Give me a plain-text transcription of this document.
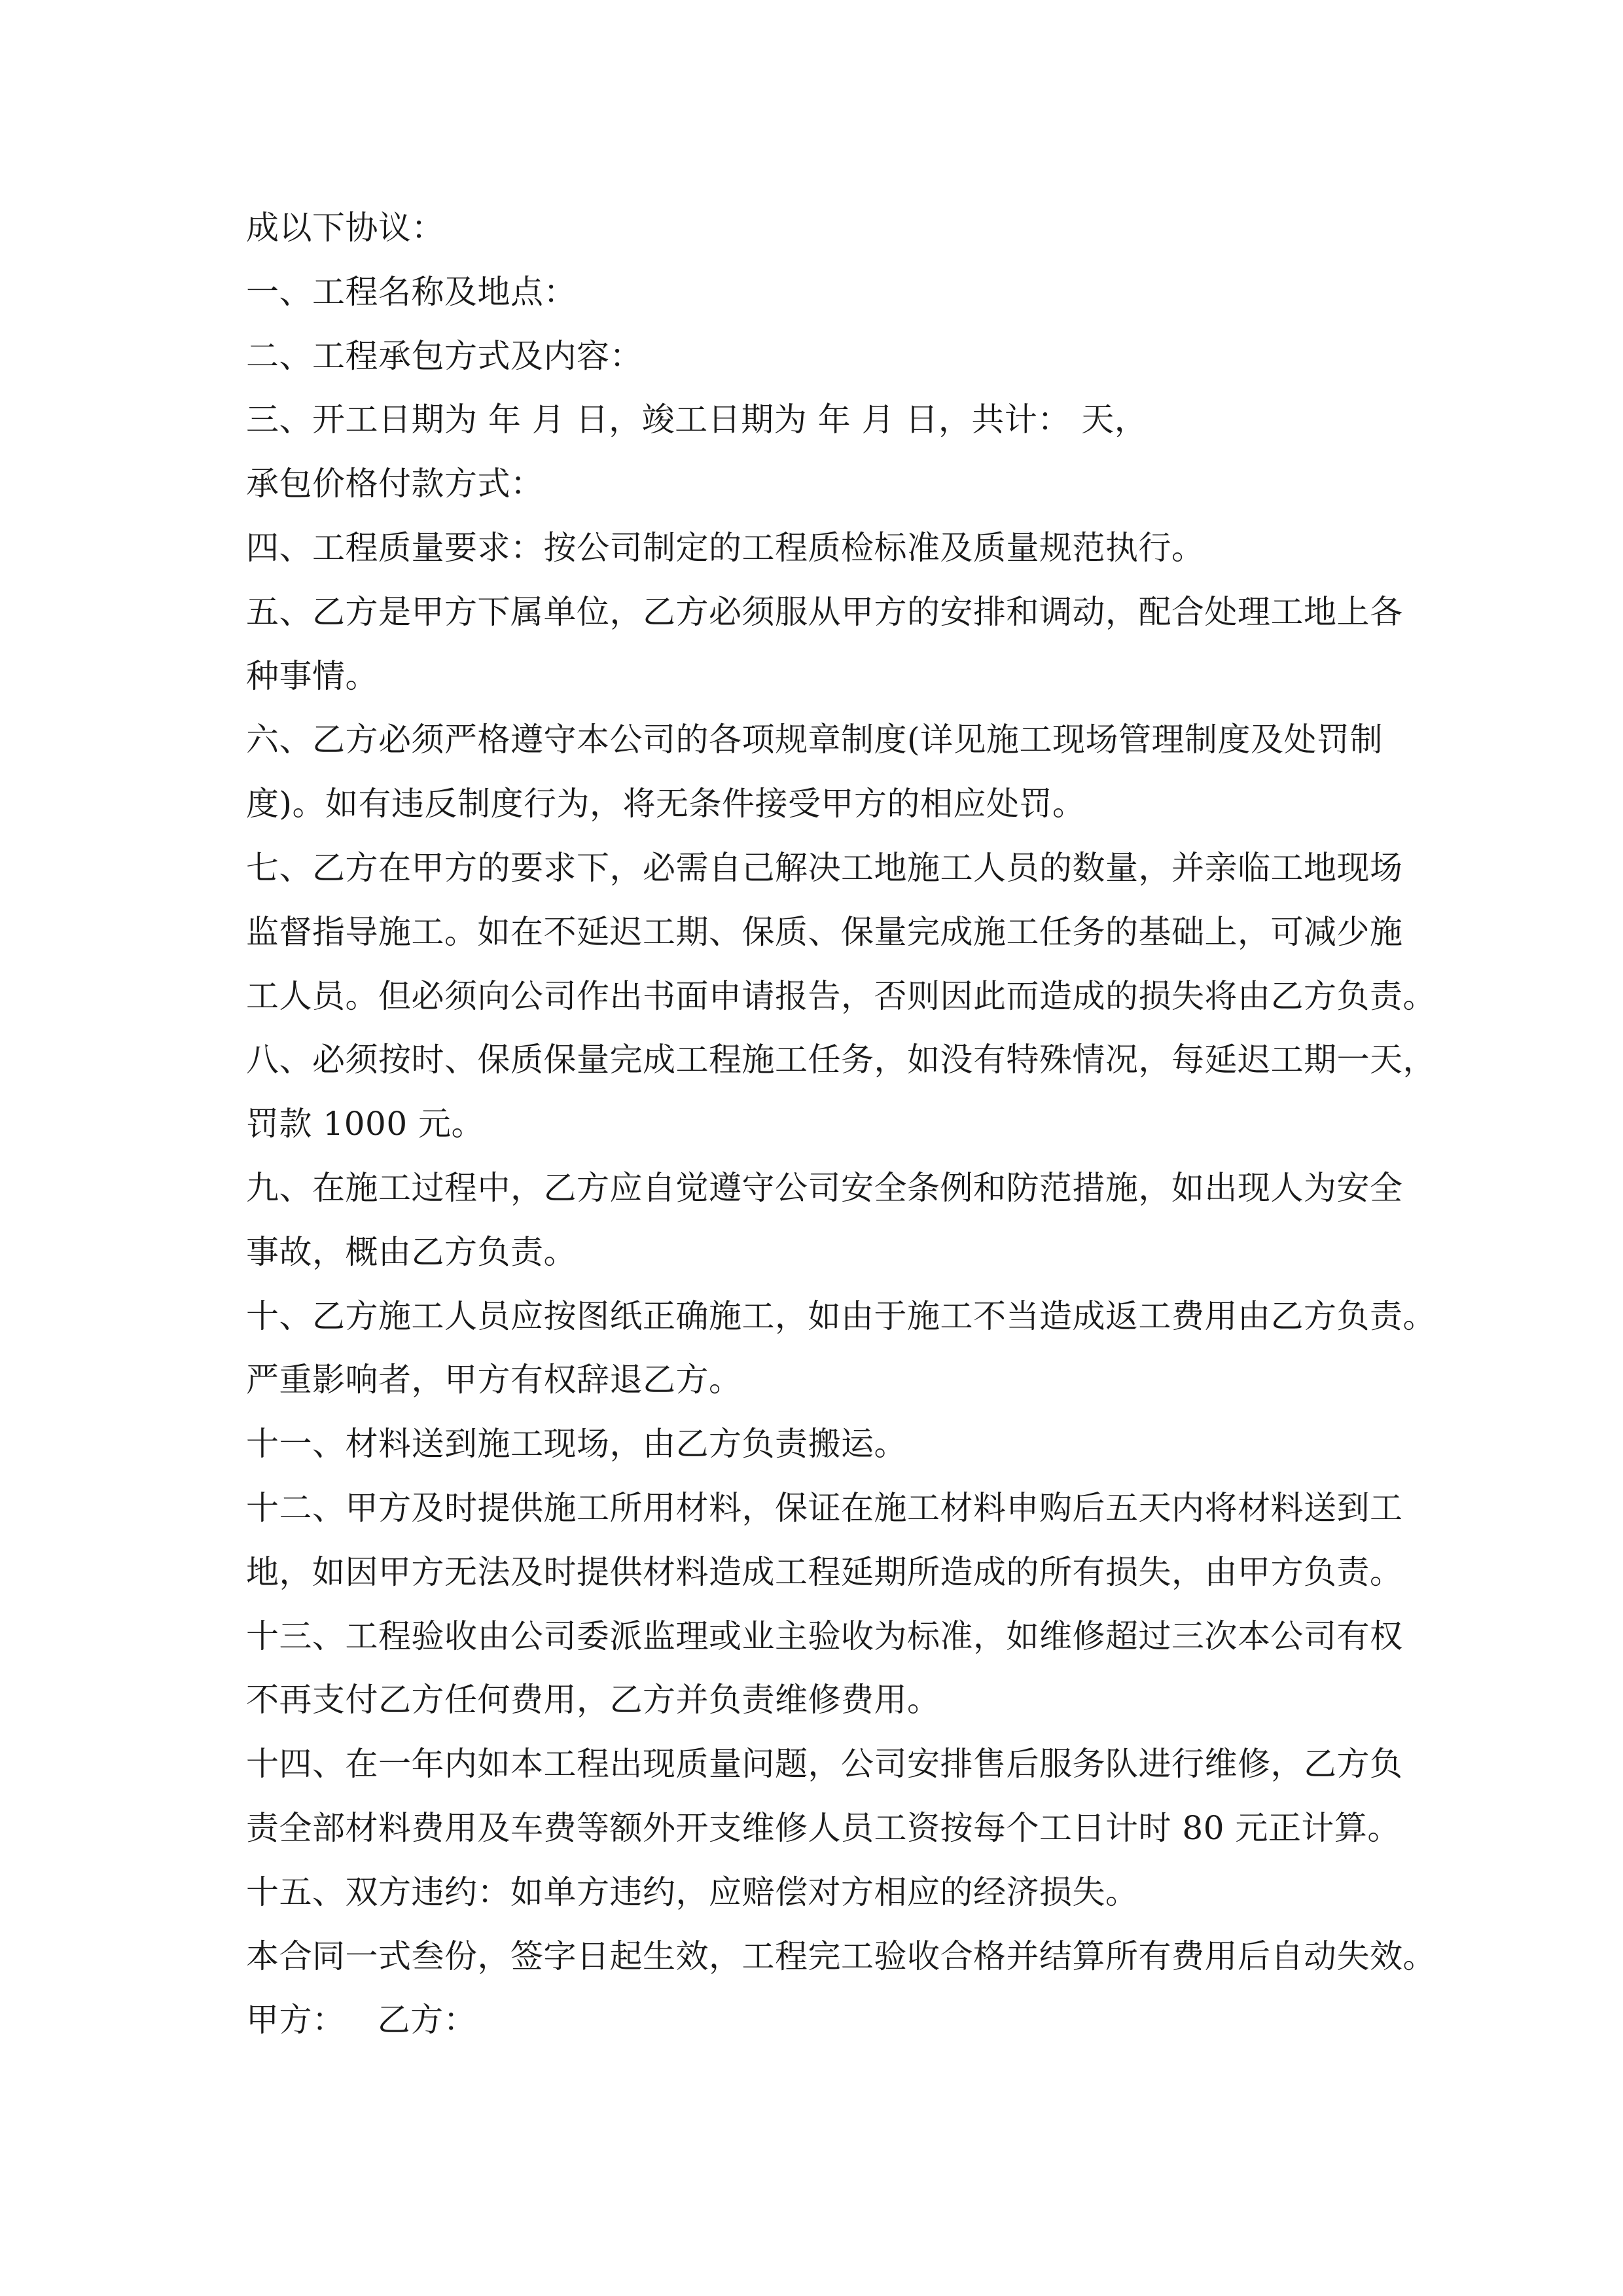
成以下协议：

一、工程名称及地点：

二、工程承包方式及内容：

三、开工日期为 年 月 日，竣工日期为 年 月 日，共计： 天，

承包价格付款方式：

四、工程质量要求：按公司制定的工程质检标准及质量规范执行。

五、乙方是甲方下属单位，乙方必须服从甲方的安排和调动，配合处理工地上各

种事情。

六、乙方必须严格遵守本公司的各项规章制度(详见施工现场管理制度及处罚制

度)。如有违反制度行为，将无条件接受甲方的相应处罚。

七、乙方在甲方的要求下，必需自己解决工地施工人员的数量，并亲临工地现场

监督指导施工。如在不延迟工期、保质、保量完成施工任务的基础上，可减少施

工人员。但必须向公司作出书面申请报告，否则因此而造成的损失将由乙方负责。

八、必须按时、保质保量完成工程施工任务，如没有特殊情况，每延迟工期一天，

罚款 1000 元。

九、在施工过程中，乙方应自觉遵守公司安全条例和防范措施，如出现人为安全

事故，概由乙方负责。

十、乙方施工人员应按图纸正确施工，如由于施工不当造成返工费用由乙方负责。

严重影响者，甲方有权辞退乙方。

十一、材料送到施工现场，由乙方负责搬运。

十二、甲方及时提供施工所用材料，保证在施工材料申购后五天内将材料送到工

地，如因甲方无法及时提供材料造成工程延期所造成的所有损失，由甲方负责。

十三、工程验收由公司委派监理或业主验收为标准，如维修超过三次本公司有权

不再支付乙方任何费用，乙方并负责维修费用。

十四、在一年内如本工程出现质量问题，公司安排售后服务队进行维修，乙方负

责全部材料费用及车费等额外开支维修人员工资按每个工日计时 80 元正计算。

十五、双方违约：如单方违约，应赔偿对方相应的经济损失。

本合同一式叁份，签字日起生效，工程完工验收合格并结算所有费用后自动失效。

甲方：   乙方：
